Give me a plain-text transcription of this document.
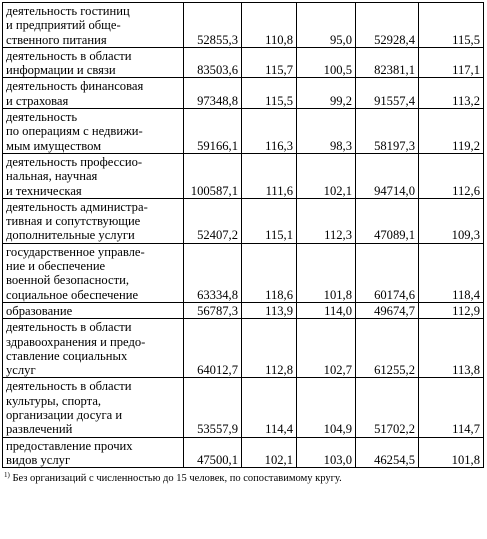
деятельность гостиниц
и предприятий обще-
ственного питания	52855,3	110,8	95,0	52928,4	115,5
деятельность в области
информации и связи	83503,6	115,7	100,5	82381,1	117,1
деятельность финансовая
и страховая	97348,8	115,5	99,2	91557,4	113,2
деятельность
по операциям с недвижи-
мым имуществом	59166,1	116,3	98,3	58197,3	119,2
деятельность профессио-
нальная, научная
и техническая	100587,1	111,6	102,1	94714,0	112,6
деятельность администра-
тивная и сопутствующие
дополнительные услуги	52407,2	115,1	112,3	47089,1	109,3
государственное управле-
ние и обеспечение
военной безопасности,
социальное обеспечение	63334,8	118,6	101,8	60174,6	118,4
образование	56787,3	113,9	114,0	49674,7	112,9
деятельность в области
здравоохранения и предо-
ставление социальных
услуг	64012,7	112,8	102,7	61255,2	113,8
деятельность в области
культуры, спорта,
организации досуга и
развлечений	53557,9	114,4	104,9	51702,2	114,7
предоставление прочих
видов услуг	47500,1	102,1	103,0	46254,5	101,8
$^{1)}$ Без организаций с численностью до 15 человек, по сопоставимому кругу.
